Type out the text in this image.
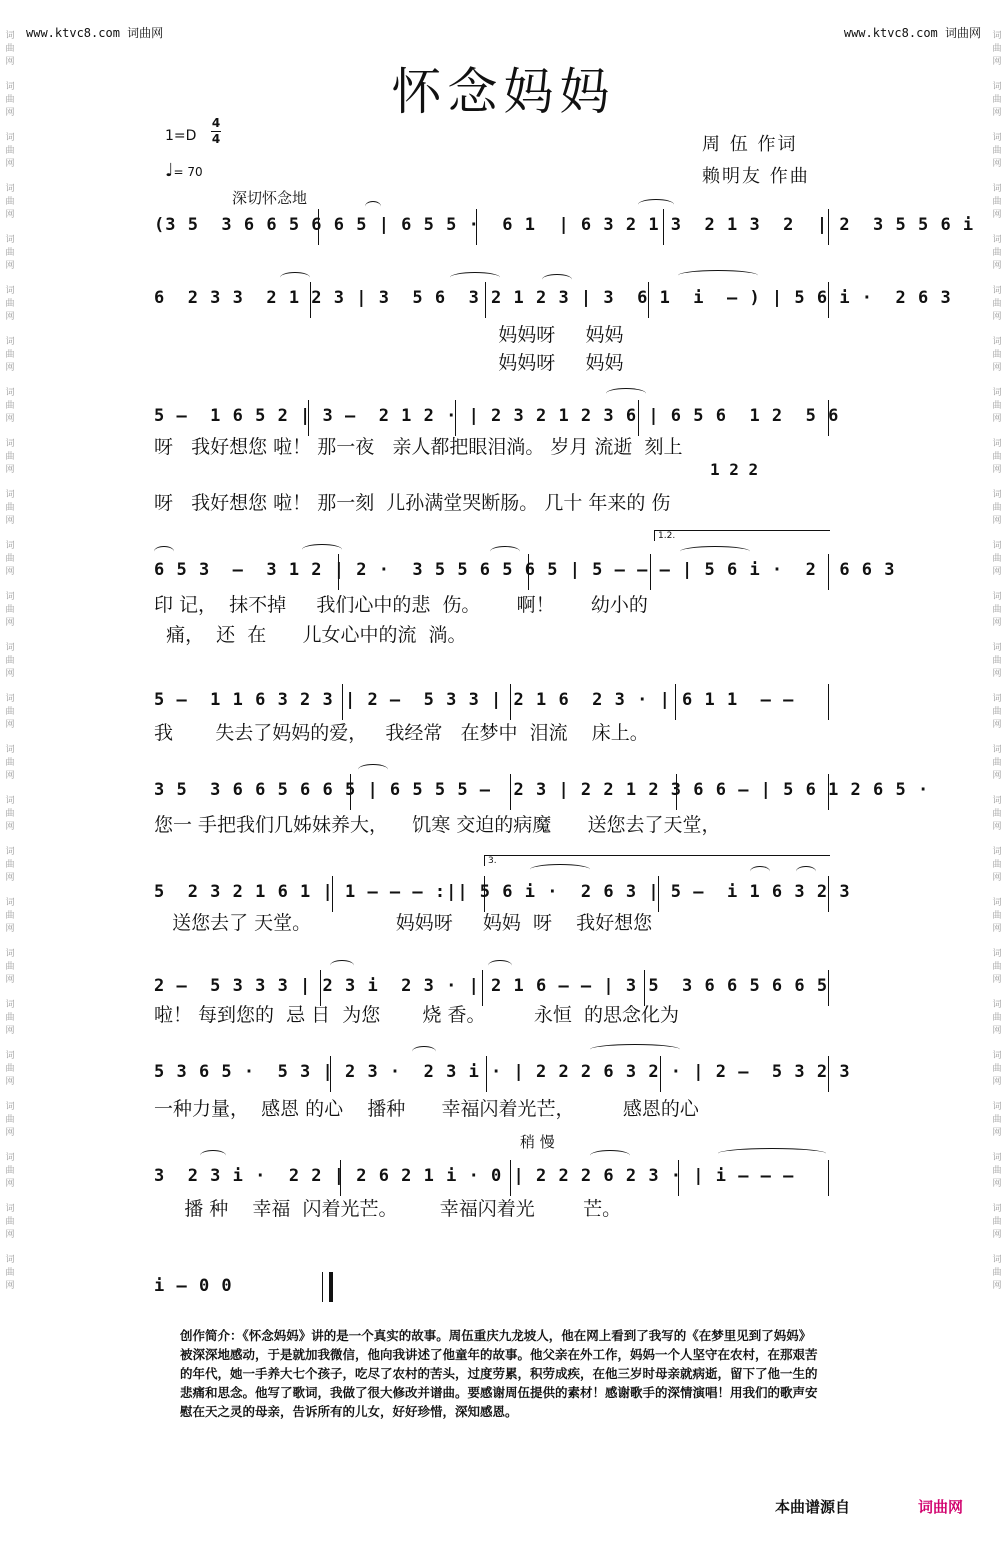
词
曲
网
词
曲
网
词
曲
网
词
曲
网
词
曲
网
词
曲
网
词
曲
网
词
曲
网
词
曲
网
词
曲
网
词
曲
网
词
曲
网
词
曲
网
词
曲
网
词
曲
网
词
曲
网
词
曲
网
词
曲
网
词
曲
网
词
曲
网
词
曲
网
词
曲
网
词
曲
网
词
曲
网
词
曲
网
词
曲
网
词
曲
网
词
曲
网
词
曲
网
词
曲
网
词
曲
网
词
曲
网
词
曲
网
词
曲
网
词
曲
网
词
曲
网
词
曲
网
词
曲
网
词
曲
网
词
曲
网
词
曲
网
词
曲
网
词
曲
网
词
曲
网
词
曲
网
词
曲
网
词
曲
网
词
曲
网
词
曲
网
词
曲
网
www.ktvc8.com 词曲网	www.ktvc8.com 词曲网
怀念妈妈
1=D
4
4
♩= 70
周 伍 作词
赖明友 作曲
深切怀念地
(3 5  3 6 6 5 6 6 5 | 6 5 5 ·  6 1  | 6 3 2 1 3  2 1 3  2  | 2  3 5 5 6 i
6  2 3 3  2 1 2 3 | 3  5 6  3 2 1 2 3 | 3  6 1  i  – ) | 5 6 i ·  2 6 3
妈妈呀     妈妈
妈妈呀     妈妈
5 –  1 6 5 2 | 3 –  2 1 2 · | 2 3 2 1 2 3 6 | 6 5 6  1 2  5 6
呀   我好想您 啦！ 那一夜   亲人都把眼泪淌。 岁月 流逝  刻上
1 2 2
呀   我好想您 啦！ 那一刻  儿孙满堂哭断肠。 几十 年来的 伤
1.2.
6 5 3  –  3 1 2 | 2 ·  3 5 5 6 5 6 5 | 5 – – – | 5 6 i ·  2  6 6 3
印 记，  抹不掉     我们心中的悲  伤。      啊！      幼小的
痛，  还  在      儿女心中的流  淌。
5 –  1 1 6 3 2 3 | 2 –  5 3 3 | 2 1 6  2 3 · | 6 1 1  – –
我       失去了妈妈的爱，   我经常   在梦中  泪流    床上。
3 5  3 6 6 5 6 6 5 | 6 5 5 5 –  2 3 | 2 2 1 2 3 6 6 – | 5 6 1 2 6 5 ·
您一 手把我们几姊妹养大，    饥寒 交迫的病魔      送您去了天堂，
3.
5  2 3 2 1 6 1 | 1 – – – :|| 5 6 i ·  2 6 3 | 5 –  i 1 6 3 2 3
送您去了 天堂。              妈妈呀     妈妈  呀    我好想您
2 –  5 3 3 3 | 2 3 i  2 3 · | 2 1 6 – – | 3 5  3 6 6 5 6 6 5
啦！ 每到您的  忌 日  为您       烧 香。        永恒  的思念化为
5 3 6 5 ·  5 3 | 2 3 ·  2 3 i · | 2 2 2 6 3 2 · | 2 –  5 3 2 3
一种力量，  感恩 的心    播种      幸福闪着光芒，        感恩的心
稍 慢
3  2 3 i ·  2 2 | 2 6 2 1 i · 0 | 2 2 2 6 2 3 · | i – – –
播 种    幸福  闪着光芒。       幸福闪着光        芒。
i – 0 0
创作简介：《怀念妈妈》讲的是一个真实的故事。周伍重庆九龙坡人，他在网上看到了我写的《在梦里见到了妈妈》被深深地感动，于是就加我微信，他向我讲述了他童年的故事。他父亲在外工作，妈妈一个人坚守在农村，在那艰苦的年代，她一手养大七个孩子，吃尽了农村的苦头，过度劳累，积劳成疾，在他三岁时母亲就病逝，留下了他一生的悲痛和思念。他写了歌词，我做了很大修改并谱曲。要感谢周伍提供的素材！感谢歌手的深情演唱！用我们的歌声安慰在天之灵的母亲，告诉所有的儿女，好好珍惜，深知感恩。
本曲谱源自	词曲网
